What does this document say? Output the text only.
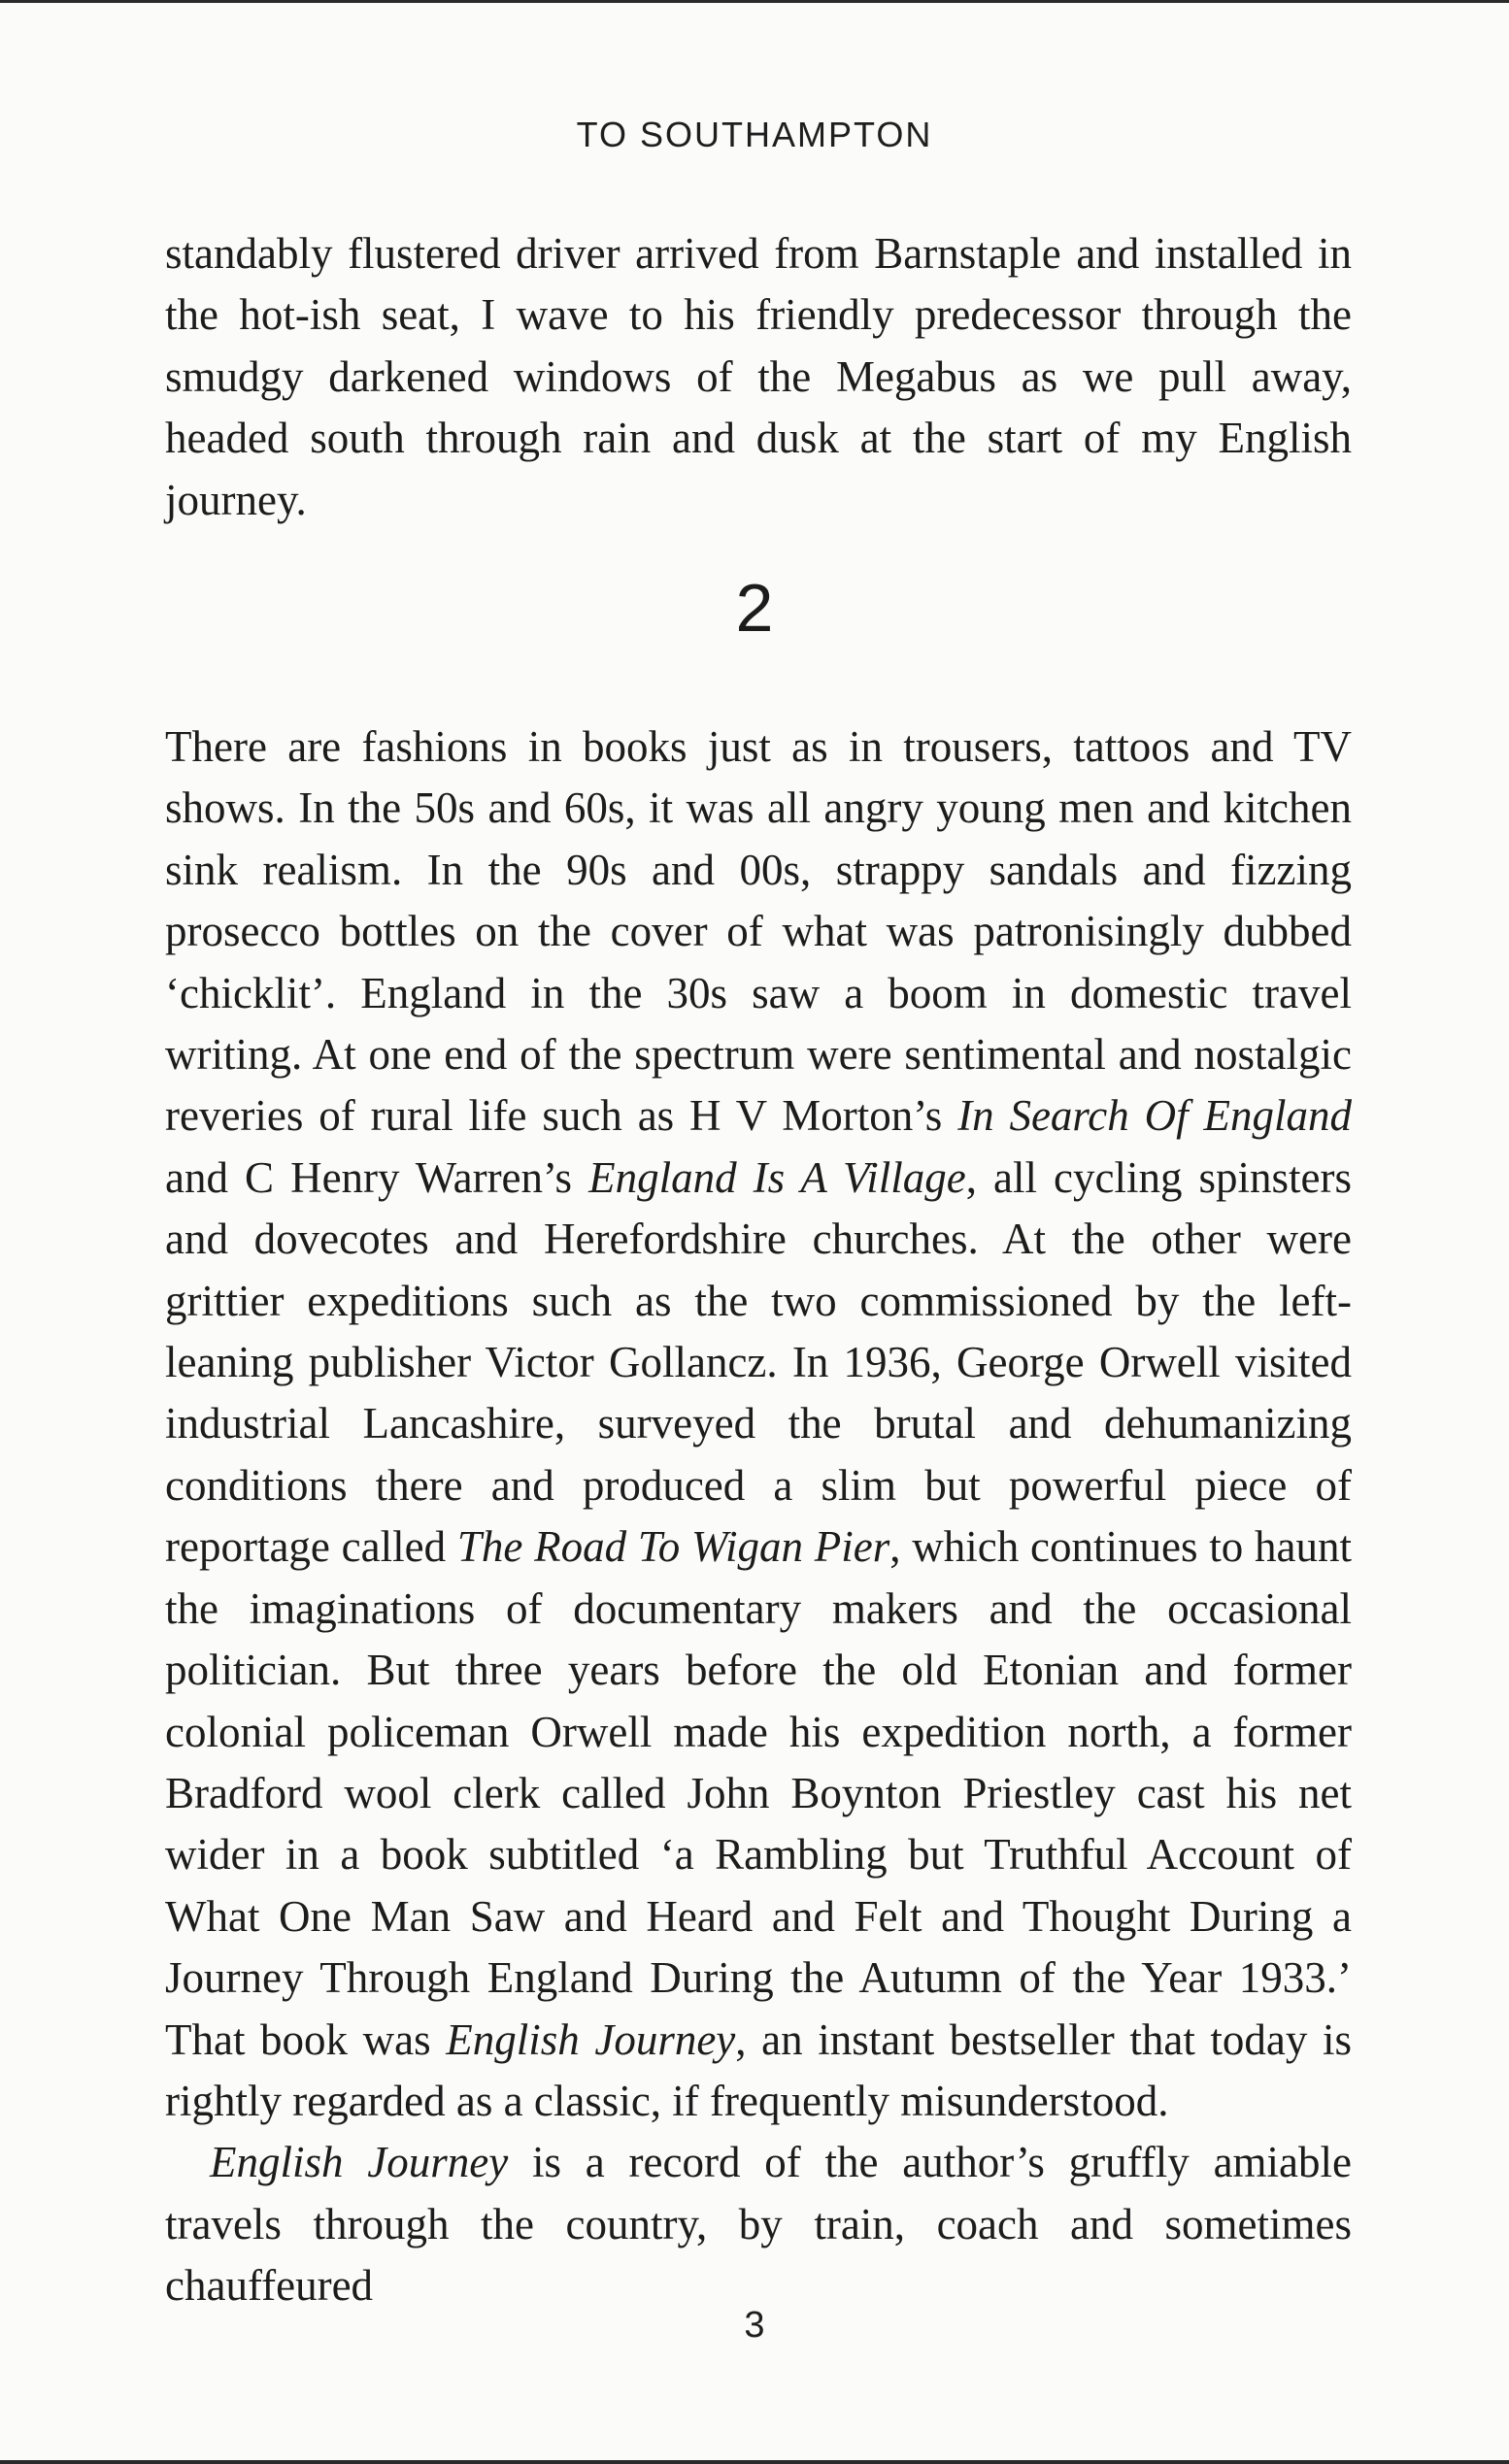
TO SOUTHAMPTON

standably flustered driver arrived from Barnstaple and installed in the hot-ish seat, I wave to his friendly predecessor through the smudgy darkened windows of the Megabus as we pull away, headed south through rain and dusk at the start of my English journey.

2

There are fashions in books just as in trousers, tattoos and TV shows. In the 50s and 60s, it was all angry young men and kitchen sink realism. In the 90s and 00s, strappy sandals and fizzing prosecco bottles on the cover of what was patronisingly dubbed ‘chicklit’. England in the 30s saw a boom in domestic travel writing. At one end of the spectrum were sentimental and nostalgic reveries of rural life such as H V Morton’s In Search Of England and C Henry Warren’s England Is A Village, all cycling spinsters and dovecotes and Herefordshire churches. At the other were grittier expeditions such as the two commissioned by the left-leaning publisher Victor Gollancz. In 1936, George Orwell visited industrial Lancashire, surveyed the brutal and dehumanizing conditions there and produced a slim but powerful piece of reportage called The Road To Wigan Pier, which continues to haunt the imaginations of documentary makers and the occasional politician. But three years before the old Etonian and former colonial policeman Orwell made his expedition north, a former Bradford wool clerk called John Boynton Priestley cast his net wider in a book subtitled ‘a Rambling but Truthful Account of What One Man Saw and Heard and Felt and Thought During a Journey Through England During the Autumn of the Year 1933.’ That book was English Journey, an instant bestseller that today is rightly regarded as a classic, if frequently misunderstood.

English Journey is a record of the author’s gruffly amiable travels through the country, by train, coach and sometimes chauffeured

3
